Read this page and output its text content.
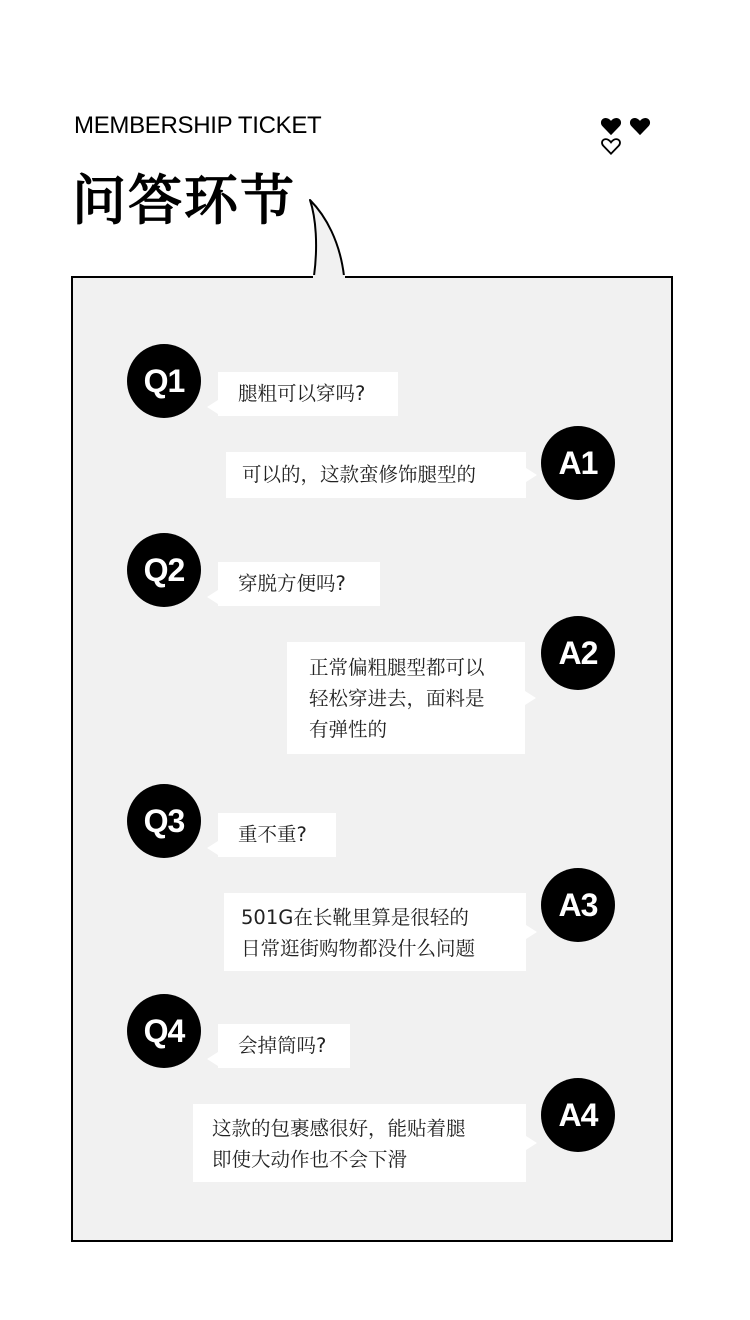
MEMBERSHIP TICKET

问答环节
Q1	腿粗可以穿吗?
可以的，这款蛮修饰腿型的	A1
Q2	穿脱方便吗?
正常偏粗腿型都可以
轻松穿进去，面料是
有弹性的
A2
Q3	重不重?
501G在长靴里算是很轻的
日常逛街购物都没什么问题
A3
Q4	会掉筒吗?
这款的包裹感很好，能贴着腿
即使大动作也不会下滑
A4
